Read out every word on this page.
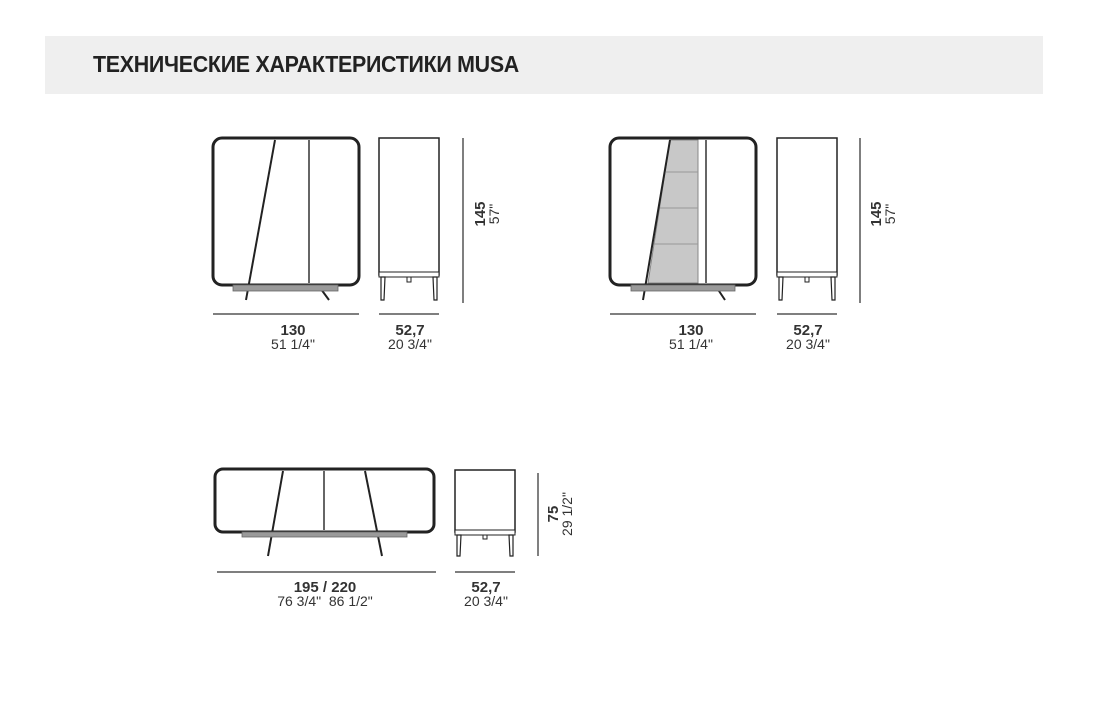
ТЕХНИЧЕСКИЕ ХАРАКТЕРИСТИКИ MUSA
130
51 1/4"
52,7
20 3/4"
145
57"
130
51 1/4"
52,7
20 3/4"
145
57"
195 / 220
76 3/4"  86 1/2"
52,7
20 3/4"
75
29 1/2"
